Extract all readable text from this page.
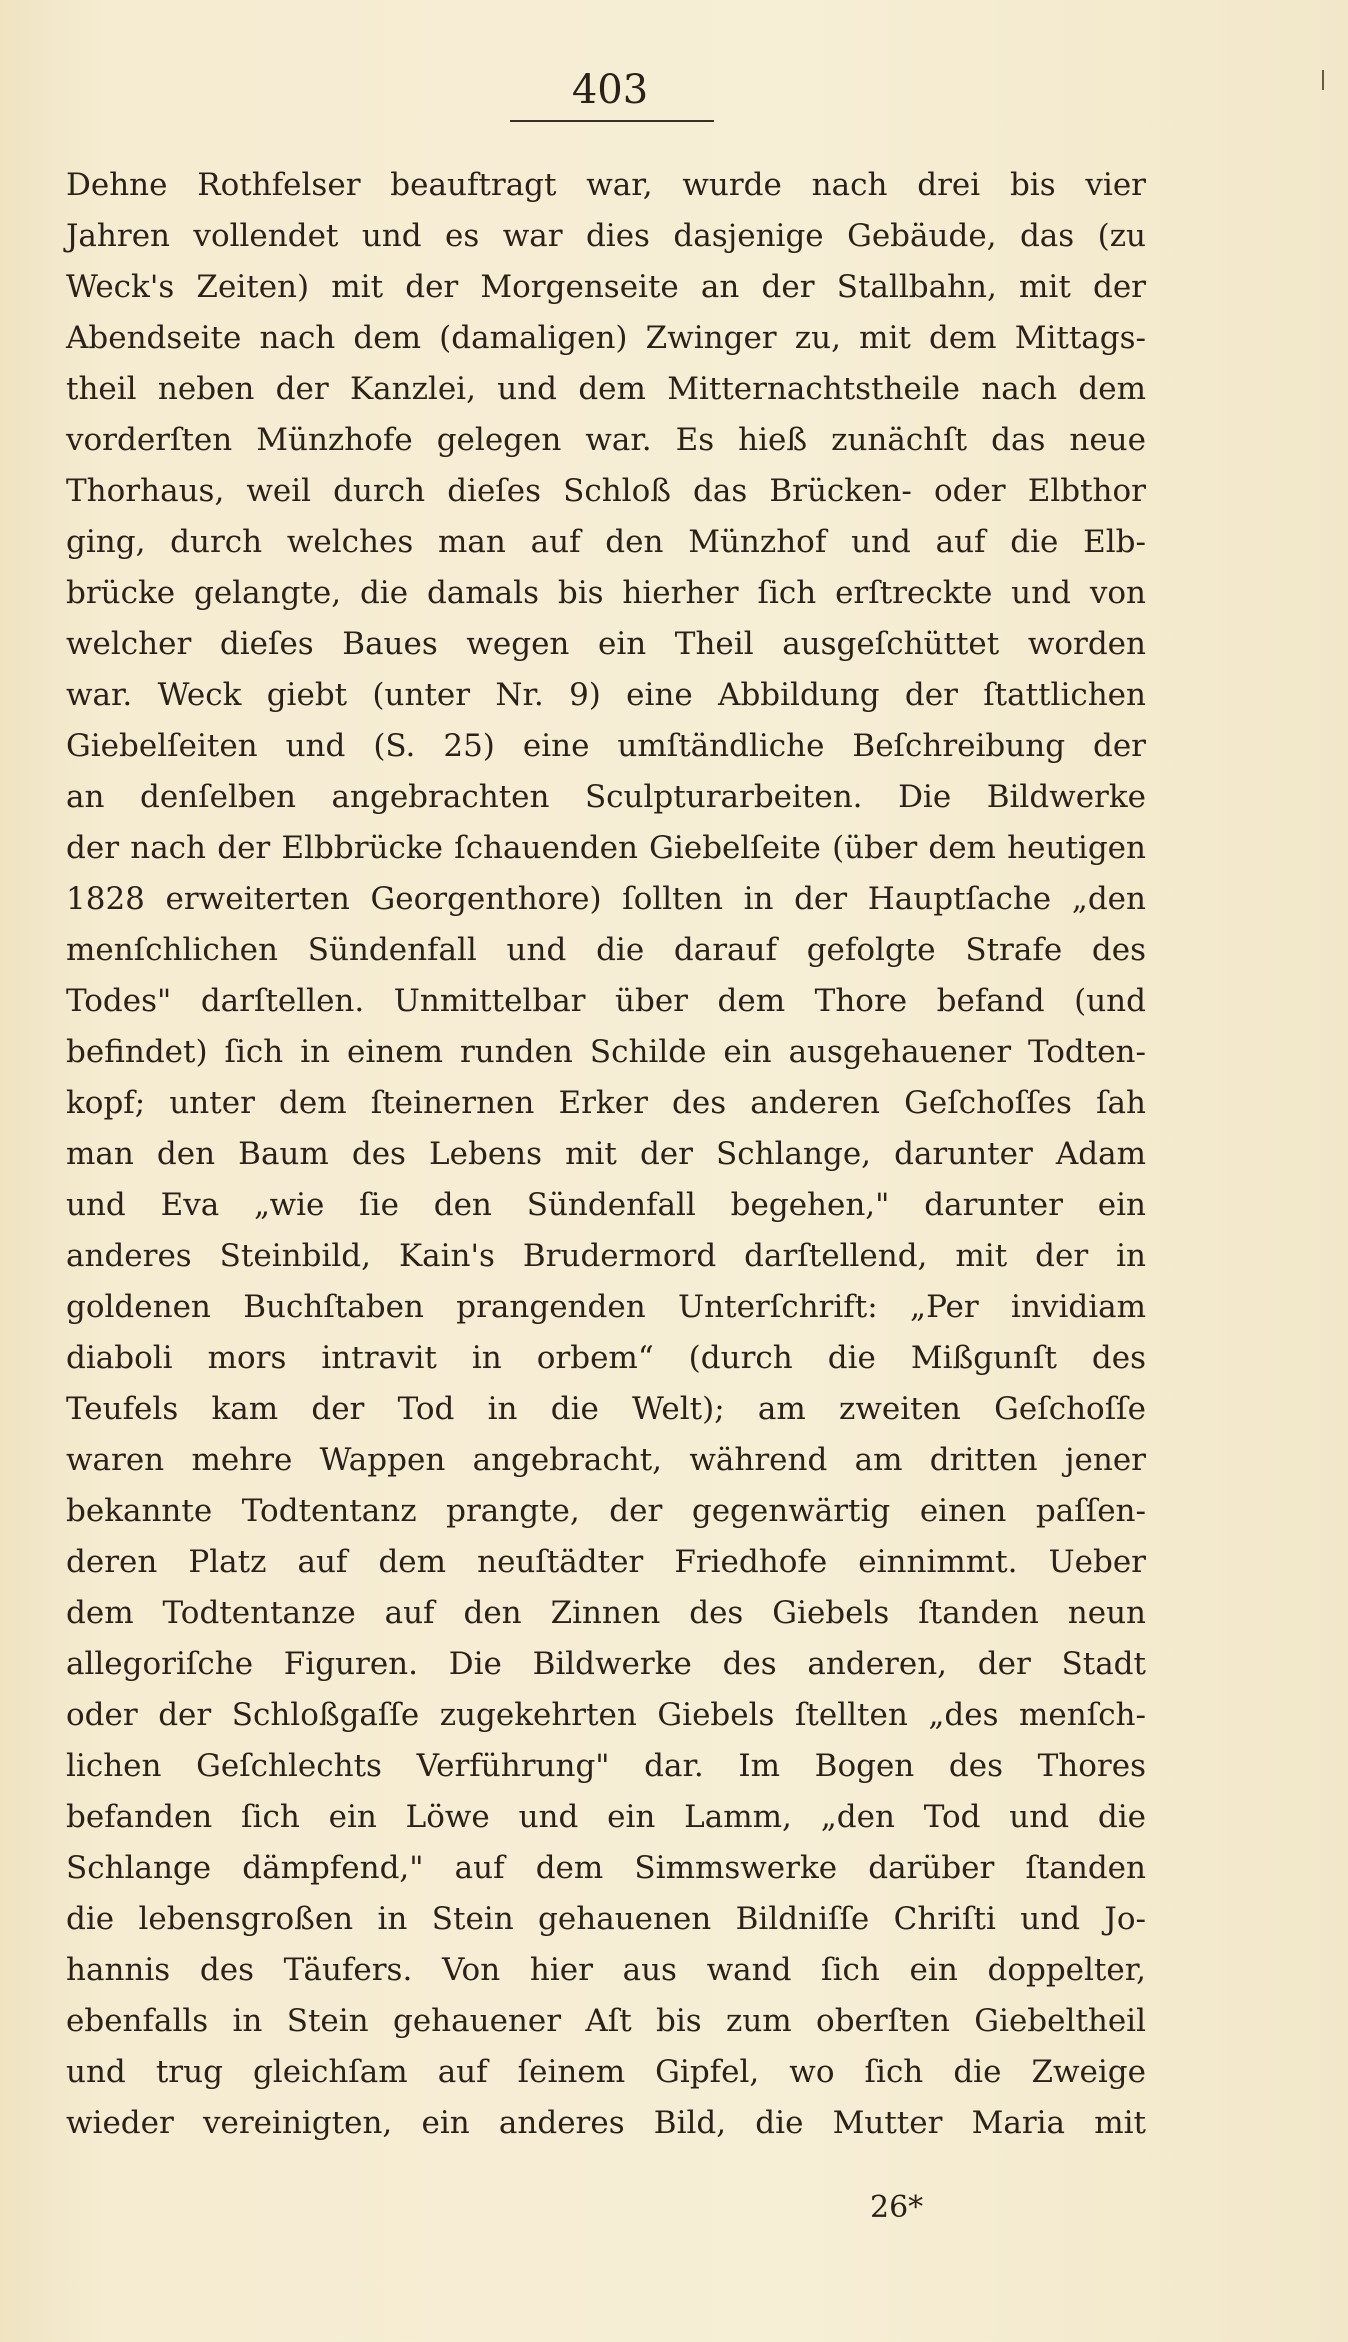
403
Dehne Rothfelser beauftragt war, wurde nach drei bis vier
Jahren vollendet und es war dies dasjenige Gebäude, das (zu
Weck's Zeiten) mit der Morgenseite an der Stallbahn, mit der
Abendseite nach dem (damaligen) Zwinger zu, mit dem Mittags-
theil neben der Kanzlei, und dem Mitternachtstheile nach dem
vorderſten Münzhofe gelegen war. Es hieß zunächſt das neue
Thorhaus, weil durch dieſes Schloß das Brücken- oder Elbthor
ging, durch welches man auf den Münzhof und auf die Elb-
brücke gelangte, die damals bis hierher ſich erſtreckte und von
welcher dieſes Baues wegen ein Theil ausgeſchüttet worden
war. Weck giebt (unter Nr. 9) eine Abbildung der ſtattlichen
Giebelſeiten und (S. 25) eine umſtändliche Beſchreibung der
an denſelben angebrachten Sculpturarbeiten. Die Bildwerke
der nach der Elbbrücke ſchauenden Giebelſeite (über dem heutigen
1828 erweiterten Georgenthore) ſollten in der Hauptſache „den
menſchlichen Sündenfall und die darauf gefolgte Strafe des
Todes" darſtellen. Unmittelbar über dem Thore befand (und
befindet) ſich in einem runden Schilde ein ausgehauener Todten-
kopf; unter dem ſteinernen Erker des anderen Geſchoſſes ſah
man den Baum des Lebens mit der Schlange, darunter Adam
und Eva „wie ſie den Sündenfall begehen," darunter ein
anderes Steinbild, Kain's Brudermord darſtellend, mit der in
goldenen Buchſtaben prangenden Unterſchrift: „Per invidiam
diaboli mors intravit in orbem“ (durch die Mißgunſt des
Teufels kam der Tod in die Welt); am zweiten Geſchoſſe
waren mehre Wappen angebracht, während am dritten jener
bekannte Todtentanz prangte, der gegenwärtig einen paſſen-
deren Platz auf dem neuſtädter Friedhofe einnimmt. Ueber
dem Todtentanze auf den Zinnen des Giebels ſtanden neun
allegoriſche Figuren. Die Bildwerke des anderen, der Stadt
oder der Schloßgaſſe zugekehrten Giebels ſtellten „des menſch-
lichen Geſchlechts Verführung" dar. Im Bogen des Thores
befanden ſich ein Löwe und ein Lamm, „den Tod und die
Schlange dämpfend," auf dem Simmswerke darüber ſtanden
die lebensgroßen in Stein gehauenen Bildniſſe Chriſti und Jo-
hannis des Täufers. Von hier aus wand ſich ein doppelter,
ebenfalls in Stein gehauener Aſt bis zum oberſten Giebeltheil
und trug gleichſam auf ſeinem Gipfel, wo ſich die Zweige
wieder vereinigten, ein anderes Bild, die Mutter Maria mit
26*
